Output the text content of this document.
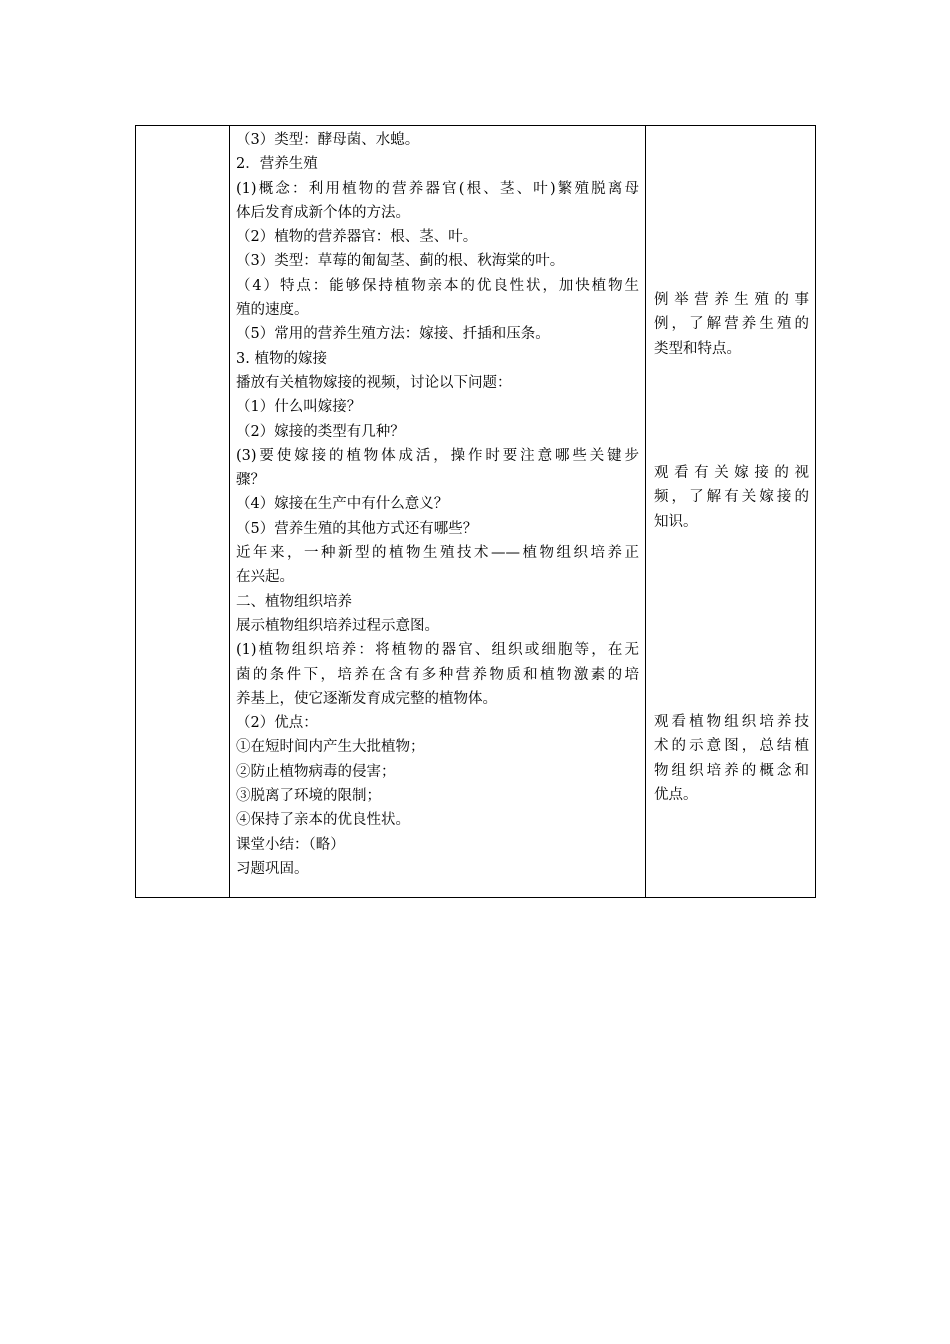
（3）类型：酵母菌、水螅。
2．营养生殖
(1)概念：利用植物的营养器官(根、茎、叶)繁殖脱离母
体后发育成新个体的方法。
（2）植物的营养器官：根、茎、叶。
（3）类型：草莓的匍匐茎、蓟的根、秋海棠的叶。
（4）特点：能够保持植物亲本的优良性状，加快植物生
殖的速度。
（5）常用的营养生殖方法：嫁接、扦插和压条。
3. 植物的嫁接
播放有关植物嫁接的视频，讨论以下问题：
（1）什么叫嫁接？
（2）嫁接的类型有几种？
(3)要使嫁接的植物体成活，操作时要注意哪些关键步
骤？
（4）嫁接在生产中有什么意义？
（5）营养生殖的其他方式还有哪些？
近年来，一种新型的植物生殖技术——植物组织培养正
在兴起。
二、植物组织培养
展示植物组织培养过程示意图。
(1)植物组织培养：将植物的器官、组织或细胞等，在无
菌的条件下，培养在含有多种营养物质和植物激素的培
养基上，使它逐渐发育成完整的植物体。
（2）优点：
①在短时间内产生大批植物；
②防止植物病毒的侵害；
③脱离了环境的限制；
④保持了亲本的优良性状。
课堂小结：（略）
习题巩固。
例举营养生殖的事
例，了解营养生殖的
类型和特点。
观看有关嫁接的视
频，了解有关嫁接的
知识。
观看植物组织培养技
术的示意图，总结植
物组织培养的概念和
优点。
